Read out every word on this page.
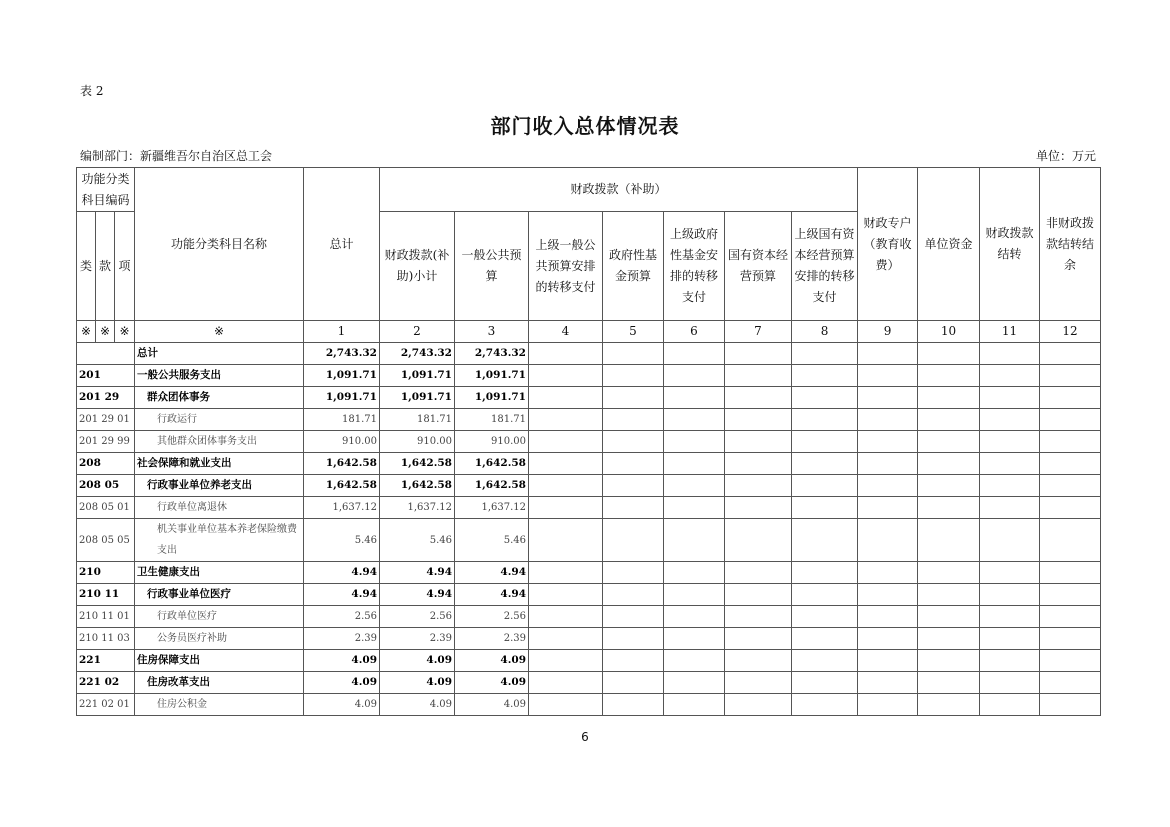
表 2
部门收入总体情况表
编制部门：新疆维吾尔自治区总工会	单位：万元
功能分类科目编码			功能分类科目名称	总计	财政拨款（补助）							财政专户（教育收费）	单位资金	财政拨款结转	非财政拨款结转结余
类	款	项			财政拨款(补助)小计	一般公共预算	上级一般公共预算安排的转移支付	政府性基金预算	上级政府性基金安排的转移支付	国有资本经营预算	上级国有资本经营预算安排的转移支付				
※	※	※	※	1	2	3	4	5	6	7	8	9	10	11	12
			总计	2,743.32	2,743.32	2,743.32									
201			一般公共服务支出	1,091.71	1,091.71	1,091.71									
201 29			群众团体事务	1,091.71	1,091.71	1,091.71									
201 29 01			行政运行	181.71	181.71	181.71									
201 29 99			其他群众团体事务支出	910.00	910.00	910.00									
208			社会保障和就业支出	1,642.58	1,642.58	1,642.58									
208 05			行政事业单位养老支出	1,642.58	1,642.58	1,642.58									
208 05 01			行政单位离退休	1,637.12	1,637.12	1,637.12									
208 05 05			机关事业单位基本养老保险缴费支出	5.46	5.46	5.46									
210			卫生健康支出	4.94	4.94	4.94									
210 11			行政事业单位医疗	4.94	4.94	4.94									
210 11 01			行政单位医疗	2.56	2.56	2.56									
210 11 03			公务员医疗补助	2.39	2.39	2.39									
221			住房保障支出	4.09	4.09	4.09									
221 02			住房改革支出	4.09	4.09	4.09									
221 02 01			住房公积金	4.09	4.09	4.09									
6
